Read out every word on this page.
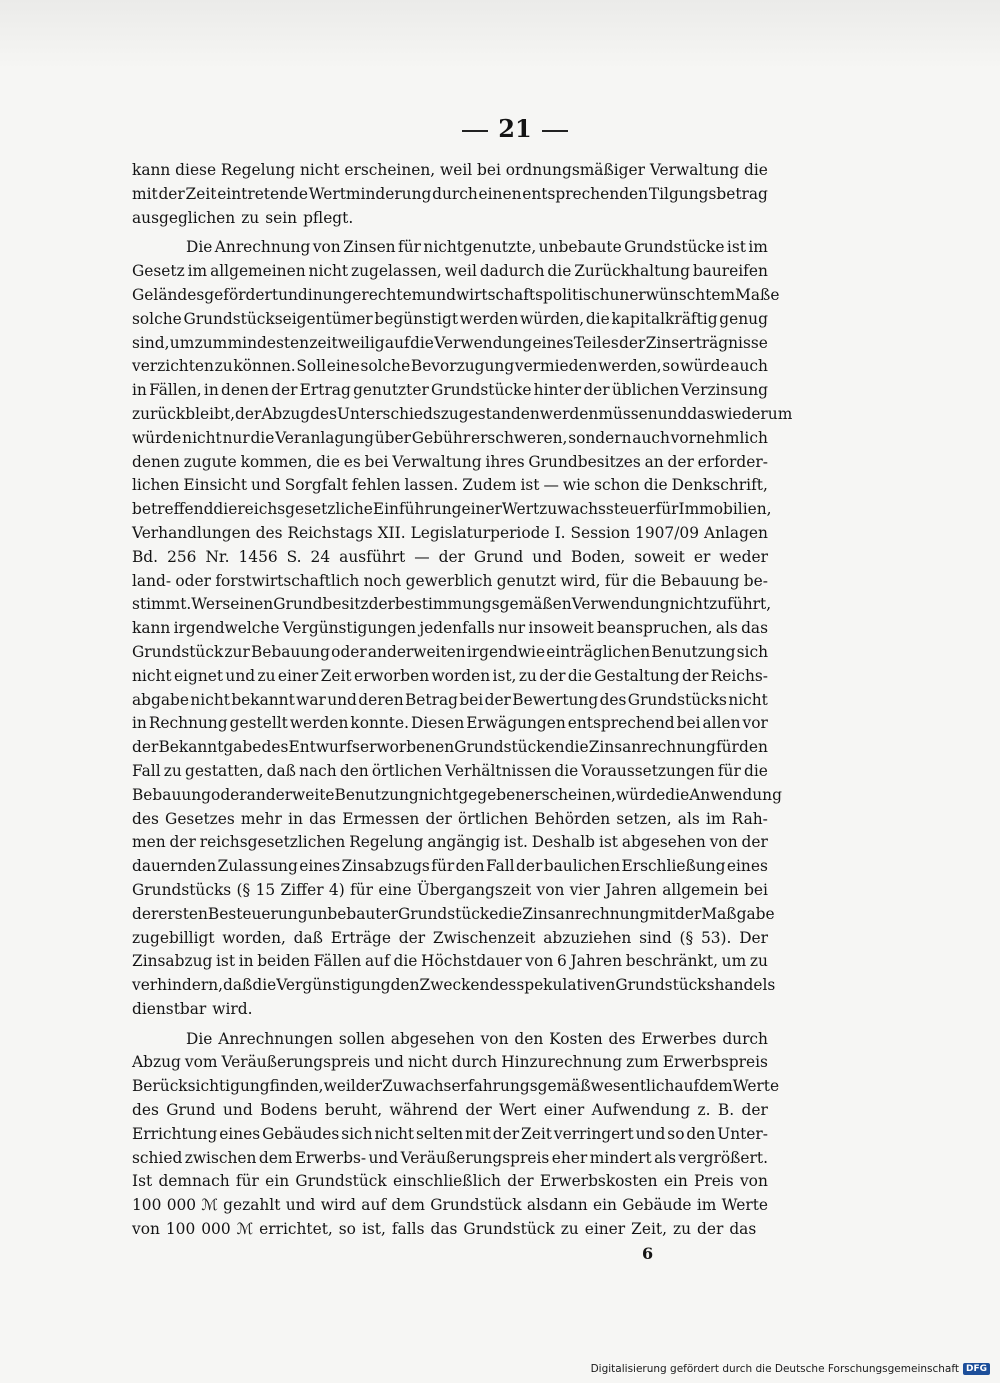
21
kann diese Regelung nicht erscheinen, weil bei ordnungsmäßiger Verwaltung die
mit der Zeit eintretende Wertminderung durch einen entsprechenden Tilgungsbetrag
ausgeglichen zu sein pflegt.
Die Anrechnung von Zinsen für nichtgenutzte, unbebaute Grundstücke ist im
Gesetz im allgemeinen nicht zugelassen, weil dadurch die Zurückhaltung baureifen
Geländes gefördert und in ungerechtem und wirtschaftspolitisch unerwünschtem Maße
solche Grundstückseigentümer begünstigt werden würden, die kapitalkräftig genug
sind, um zum mindesten zeitweilig auf die Verwendung eines Teiles der Zinserträgnisse
verzichten zu können. Soll eine solche Bevorzugung vermieden werden, so würde auch
in Fällen, in denen der Ertrag genutzter Grundstücke hinter der üblichen Verzinsung
zurückbleibt, der Abzug des Unterschieds zugestanden werden müssen und das wiederum
würde nicht nur die Veranlagung über Gebühr erschweren, sondern auch vornehmlich
denen zugute kommen, die es bei Verwaltung ihres Grundbesitzes an der erforder-
lichen Einsicht und Sorgfalt fehlen lassen. Zudem ist — wie schon die Denkschrift,
betreffend die reichsgesetzliche Einführung einer Wertzuwachssteuer für Immobilien,
Verhandlungen des Reichstags XII. Legislaturperiode I. Session 1907/09 Anlagen
Bd. 256 Nr. 1456 S. 24 ausführt — der Grund und Boden, soweit er weder
land- oder forstwirtschaftlich noch gewerblich genutzt wird, für die Bebauung be-
stimmt. Wer seinen Grundbesitz der bestimmungsgemäßen Verwendung nicht zuführt,
kann irgendwelche Vergünstigungen jedenfalls nur insoweit beanspruchen, als das
Grundstück zur Bebauung oder anderweiten irgendwie einträglichen Benutzung sich
nicht eignet und zu einer Zeit erworben worden ist, zu der die Gestaltung der Reichs-
abgabe nicht bekannt war und deren Betrag bei der Bewertung des Grundstücks nicht
in Rechnung gestellt werden konnte. Diesen Erwägungen entsprechend bei allen vor
der Bekanntgabe des Entwurfs erworbenen Grundstücken die Zinsanrechnung für den
Fall zu gestatten, daß nach den örtlichen Verhältnissen die Voraussetzungen für die
Bebauung oder anderweite Benutzung nicht gegeben erscheinen, würde die Anwendung
des Gesetzes mehr in das Ermessen der örtlichen Behörden setzen, als im Rah-
men der reichsgesetzlichen Regelung angängig ist. Deshalb ist abgesehen von der
dauernden Zulassung eines Zinsabzugs für den Fall der baulichen Erschließung eines
Grundstücks (§ 15 Ziffer 4) für eine Übergangszeit von vier Jahren allgemein bei
der ersten Besteuerung unbebauter Grundstücke die Zinsanrechnung mit der Maßgabe
zugebilligt worden, daß Erträge der Zwischenzeit abzuziehen sind (§ 53). Der
Zinsabzug ist in beiden Fällen auf die Höchstdauer von 6 Jahren beschränkt, um zu
verhindern, daß die Vergünstigung den Zwecken des spekulativen Grundstückshandels
dienstbar wird.
Die Anrechnungen sollen abgesehen von den Kosten des Erwerbes durch
Abzug vom Veräußerungspreis und nicht durch Hinzurechnung zum Erwerbspreis
Berücksichtigung finden, weil der Zuwachs erfahrungsgemäß wesentlich auf dem Werte
des Grund und Bodens beruht, während der Wert einer Aufwendung z. B. der
Errichtung eines Gebäudes sich nicht selten mit der Zeit verringert und so den Unter-
schied zwischen dem Erwerbs- und Veräußerungspreis eher mindert als vergrößert.
Ist demnach für ein Grundstück einschließlich der Erwerbskosten ein Preis von
100 000 ℳ gezahlt und wird auf dem Grundstück alsdann ein Gebäude im Werte
von 100 000 ℳ errichtet, so ist, falls das Grundstück zu einer Zeit, zu der das
6
Digitalisierung gefördert durch die Deutsche Forschungsgemeinschaft DFG
